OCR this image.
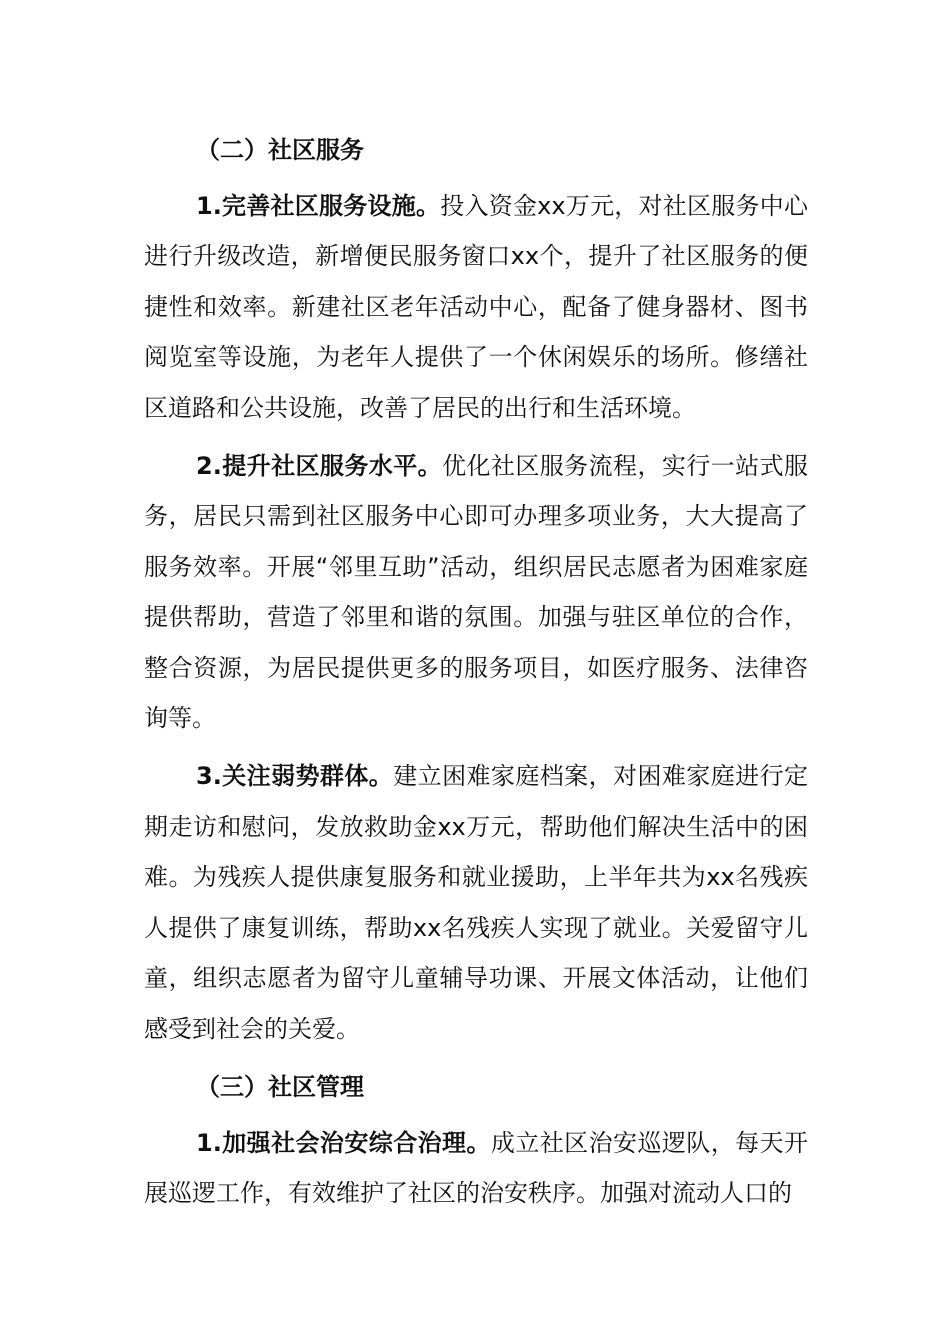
（二）社区服务

1.完善社区服务设施。投入资金xx万元，对社区服务中心进行升级改造，新增便民服务窗口xx个，提升了社区服务的便捷性和效率。新建社区老年活动中心，配备了健身器材、图书阅览室等设施，为老年人提供了一个休闲娱乐的场所。修缮社区道路和公共设施，改善了居民的出行和生活环境。

2.提升社区服务水平。优化社区服务流程，实行一站式服务，居民只需到社区服务中心即可办理多项业务，大大提高了服务效率。开展“邻里互助”活动，组织居民志愿者为困难家庭提供帮助，营造了邻里和谐的氛围。加强与驻区单位的合作，整合资源，为居民提供更多的服务项目，如医疗服务、法律咨询等。

3.关注弱势群体。建立困难家庭档案，对困难家庭进行定期走访和慰问，发放救助金xx万元，帮助他们解决生活中的困难。为残疾人提供康复服务和就业援助，上半年共为xx名残疾人提供了康复训练，帮助xx名残疾人实现了就业。关爱留守儿童，组织志愿者为留守儿童辅导功课、开展文体活动，让他们感受到社会的关爱。

（三）社区管理

1.加强社会治安综合治理。成立社区治安巡逻队，每天开展巡逻工作，有效维护了社区的治安秩序。加强对流动人口的
